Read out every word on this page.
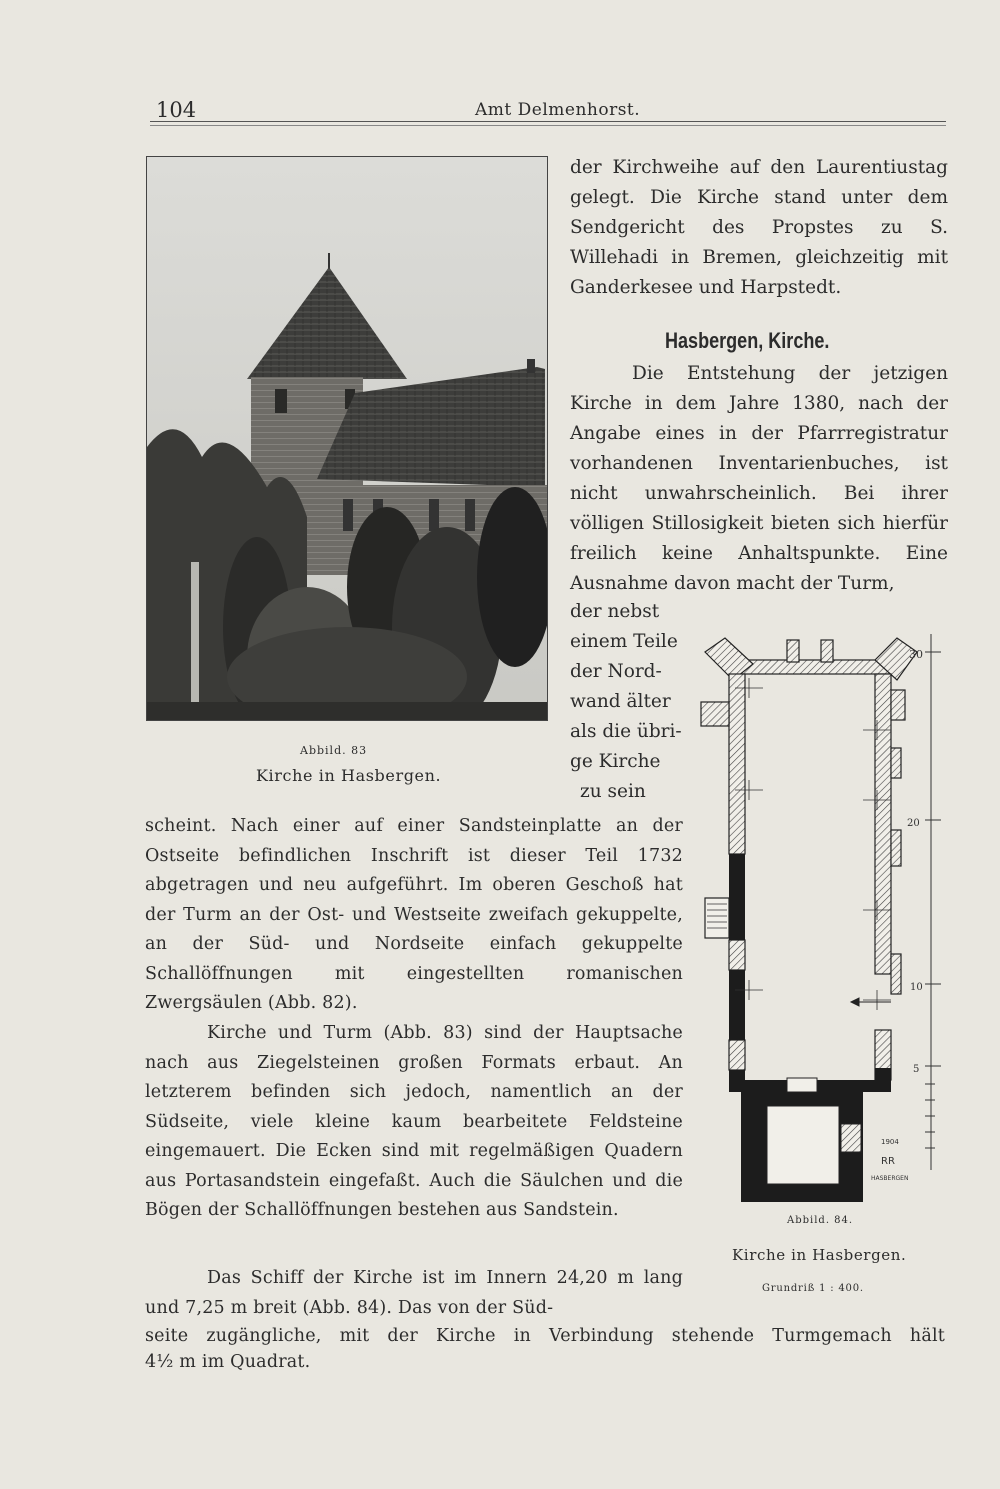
104	Amt Delmenhorst.
Abbild. 83
Kirche in Hasbergen.

der Kirchweihe auf den Laurentiustag gelegt. Die Kirche stand unter dem Sendgericht des Propstes zu S. Willehadi in Bremen, gleichzeitig mit Ganderkesee und Harpstedt.

Hasbergen, Kirche.

Die Entstehung der jetzigen Kirche in dem Jahre 1380, nach der Angabe eines in der Pfarrregistratur vorhandenen Inventarienbuches, ist nicht unwahrscheinlich. Bei ihrer völligen Stillosigkeit bieten sich hierfür freilich keine Anhaltspunkte. Eine Ausnahme davon macht der Turm,

der nebst
einem Teile
der Nord-
wand älter
als die übri-
ge Kirche
zu sein

scheint. Nach einer auf einer Sandsteinplatte an der Ostseite befindlichen Inschrift ist dieser Teil 1732 abgetragen und neu aufgeführt. Im oberen Geschoß hat der Turm an der Ost- und Westseite zweifach gekuppelte, an der Süd- und Nordseite einfach gekuppelte Schallöffnungen mit eingestellten romanischen Zwergsäulen (Abb. 82).

Kirche und Turm (Abb. 83) sind der Hauptsache nach aus Ziegelsteinen großen Formats erbaut. An letzterem befinden sich jedoch, namentlich an der Südseite, viele kleine kaum bearbeitete Feldsteine eingemauert. Die Ecken sind mit regelmäßigen Quadern aus Portasandstein eingefaßt. Auch die Säulchen und die Bögen der Schallöffnungen bestehen aus Sandstein.

Das Schiff der Kirche ist im Innern 24,20 m lang und 7,25 m breit (Abb. 84). Das von der Süd-

seite zugängliche, mit der Kirche in Verbindung stehende Turmgemach hält
4½ m im Quadrat.
30
20
10
5
1904
RR
HASBERGEN
Abbild. 84.
Kirche in Hasbergen.
Grundriß 1 : 400.
